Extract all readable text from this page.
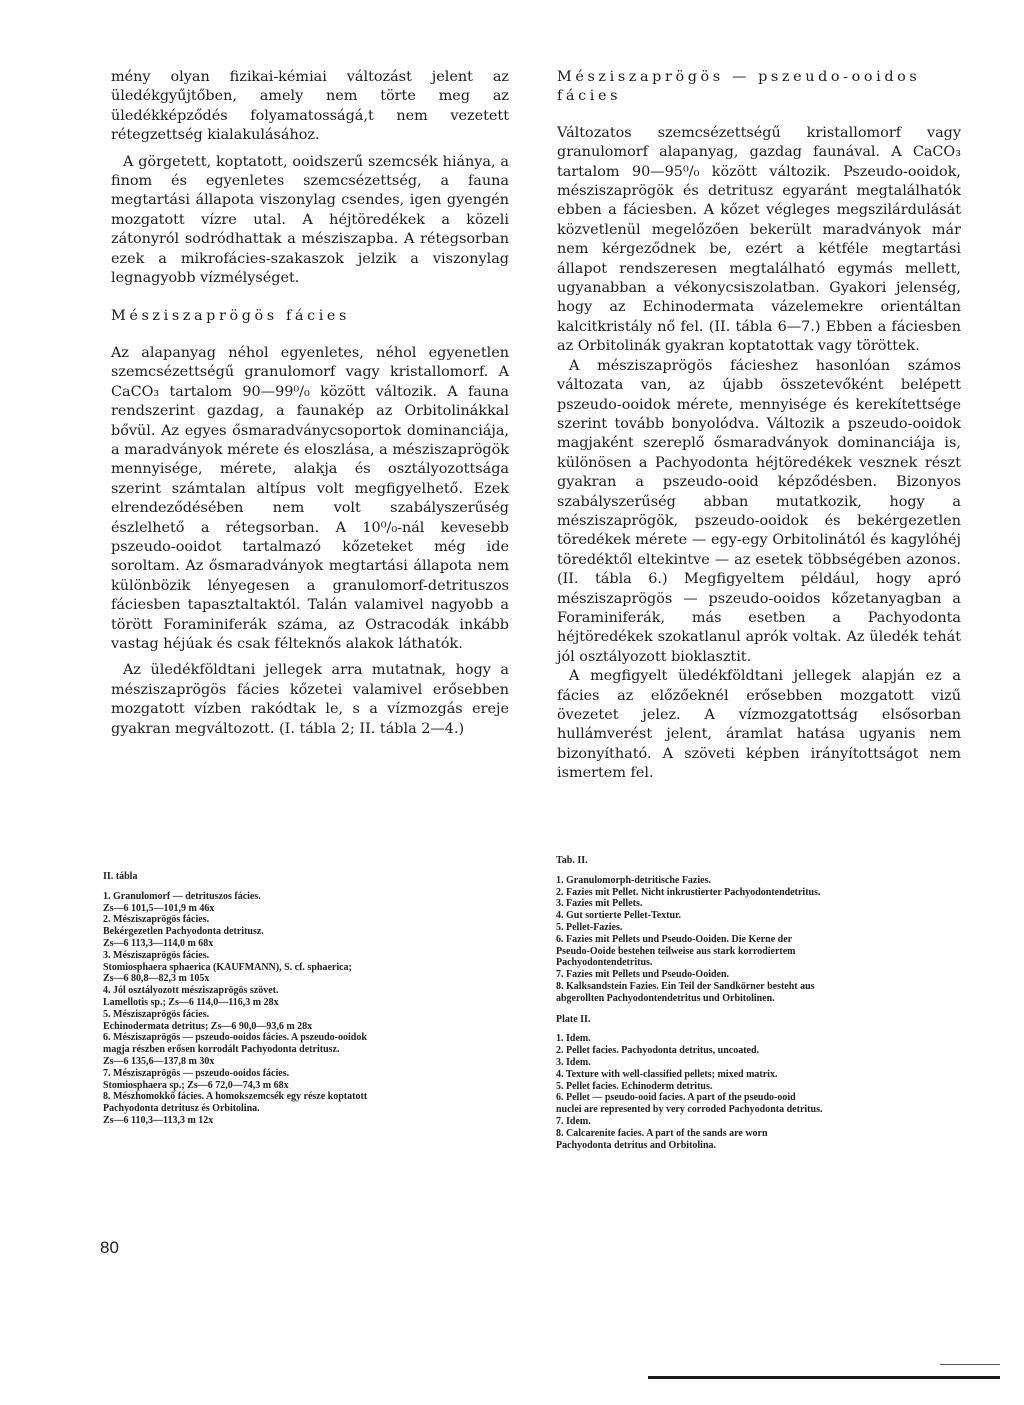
mény olyan fizikai-kémiai változást jelent az üledékgyűjtőben, amely nem törte meg az üledékképződés folyamatosságá,t nem vezetett rétegzettség kialakulásához.

A görgetett, koptatott, ooidszerű szemcsék hiánya, a finom és egyenletes szemcsézettség, a fauna megtartási állapota viszonylag csendes, igen gyengén mozgatott vízre utal. A héjtöredékek a közeli zátonyról sodródhattak a mésziszapba. A rétegsorban ezek a mikrofácies-szakaszok jelzik a viszonylag legnagyobb vízmélységet.

Mésziszaprögös fácies

Az alapanyag néhol egyenletes, néhol egyenetlen szemcsézettségű granulomorf vagy kristallomorf. A CaCO₃ tartalom 90—99⁰/₀ között változik. A fauna rendszerint gazdag, a faunakép az Orbitolinákkal bővül. Az egyes ősmaradványcsoportok dominanciája, a maradványok mérete és eloszlása, a mésziszaprögök mennyisége, mérete, alakja és osztályozottsága szerint számtalan altípus volt megfigyelhető. Ezek elrendeződésében nem volt szabályszerűség észlelhető a rétegsorban. A 10⁰/₀-nál kevesebb pszeudo-ooidot tartalmazó kőzeteket még ide soroltam. Az ősmaradványok megtartási állapota nem különbözik lényegesen a granulomorf-detrituszos fáciesben tapasztaltaktól. Talán valamivel nagyobb a törött Foraminiferák száma, az Ostracodák inkább vastag héjúak és csak félteknős alakok láthatók.

Az üledékföldtani jellegek arra mutatnak, hogy a mésziszaprögös fácies kőzetei valamivel erősebben mozgatott vízben rakódtak le, s a vízmozgás ereje gyakran megváltozott. (I. tábla 2; II. tábla 2—4.)

Mésziszaprögös — pszeudo-ooidos

fácies

Változatos szemcsézettségű kristallomorf vagy granulomorf alapanyag, gazdag faunával. A CaCO₃ tartalom 90—95⁰/₀ között változik. Pszeudo-ooidok, mésziszaprögök és detritusz egyaránt megtalálhatók ebben a fáciesben. A kőzet végleges megszilárdulását közvetlenül megelőzően bekerült maradványok már nem kérgeződnek be, ezért a kétféle megtartási állapot rendszeresen megtalálható egymás mellett, ugyanabban a vékonycsiszolatban. Gyakori jelenség, hogy az Echinodermata vázelemekre orientáltan kalcitkristály nő fel. (II. tábla 6—7.) Ebben a fáciesben az Orbitolinák gyakran koptatottak vagy töröttek.

A mésziszaprögös fácieshez hasonlóan számos változata van, az újabb összetevőként belépett pszeudo-ooidok mérete, mennyisége és kerekítettsége szerint tovább bonyolódva. Változik a pszeudo-ooidok magjaként szereplő ősmaradványok dominanciája is, különösen a Pachyodonta héjtöredékek vesznek részt gyakran a pszeudo-ooid képződésben. Bizonyos szabályszerűség abban mutatkozik, hogy a mésziszaprögök, pszeudo-ooidok és bekérgezetlen töredékek mérete — egy-egy Orbitolinától és kagylóhéj töredéktől eltekintve — az esetek többségében azonos. (II. tábla 6.) Megfigyeltem például, hogy apró mésziszaprögös — pszeudo-ooidos kőzetanyagban a Foraminiferák, más esetben a Pachyodonta héjtöredékek szokatlanul aprók voltak. Az üledék tehát jól osztályozott bioklasztit.

A megfigyelt üledékföldtani jellegek alapján ez a fácies az előzőeknél erősebben mozgatott vizű övezetet jelez. A vízmozgatottság elsősorban hullámverést jelent, áramlat hatása ugyanis nem bizonyítható. A szöveti képben irányítottságot nem ismertem fel.

II. tábla

1. Granulomorf — detrituszos fácies.

Zs—6 101,5—101,9 m 46x

2. Mésziszaprögös fácies.

Bekérgezetlen Pachyodonta detritusz.

Zs—6 113,3—114,0 m 68x

3. Mésziszaprögös fácies.

Stomiosphaera sphaerica (KAUFMANN), S. cf. sphaerica;

Zs—6 80,8—82,3 m 105x

4. Jól osztályozott mésziszaprögös szövet.

Lamellotis sp.; Zs—6 114,0—116,3 m 28x

5. Mésziszaprögös fácies.

Echinodermata detritus; Zs—6 90,0—93,6 m 28x

6. Mésziszaprögös — pszeudo-ooidos fácies. A pszeudo-ooidok

magja részben erősen korrodált Pachyodonta detritusz.

Zs—6 135,6—137,8 m 30x

7. Mésziszaprögös — pszeudo-ooidos fácies.

Stomiosphaera sp.; Zs—6 72,0—74,3 m 68x

8. Mészhomokkő fácies. A homokszemcsék egy része koptatott

Pachyodonta detritusz és Orbitolina.

Zs—6 110,3—113,3 m 12x

Tab. II.

1. Granulomorph-detritische Fazies.

2. Fazies mit Pellet. Nicht inkrustierter Pachyodontendetritus.

3. Fazies mit Pellets.

4. Gut sortierte Pellet-Textur.

5. Pellet-Fazies.

6. Fazies mit Pellets und Pseudo-Ooiden. Die Kerne der

Pseudo-Ooide bestehen teilweise aus stark korrodiertem

Pachyodontendetritus.

7. Fazies mit Pellets und Pseudo-Ooiden.

8. Kalksandstein Fazies. Ein Teil der Sandkörner besteht aus

abgerollten Pachyodontendetritus und Orbitolinen.

Plate II.

1. Idem.

2. Pellet facies. Pachyodonta detritus, uncoated.

3. Idem.

4. Texture with well-classified pellets; mixed matrix.

5. Pellet facies. Echinoderm detritus.

6. Pellet — pseudo-ooid facies. A part of the pseudo-ooid

nuclei are represented by very corroded Pachyodonta detritus.

7. Idem.

8. Calcarenite facies. A part of the sands are worn

Pachyodonta detritus and Orbitolina.

80
